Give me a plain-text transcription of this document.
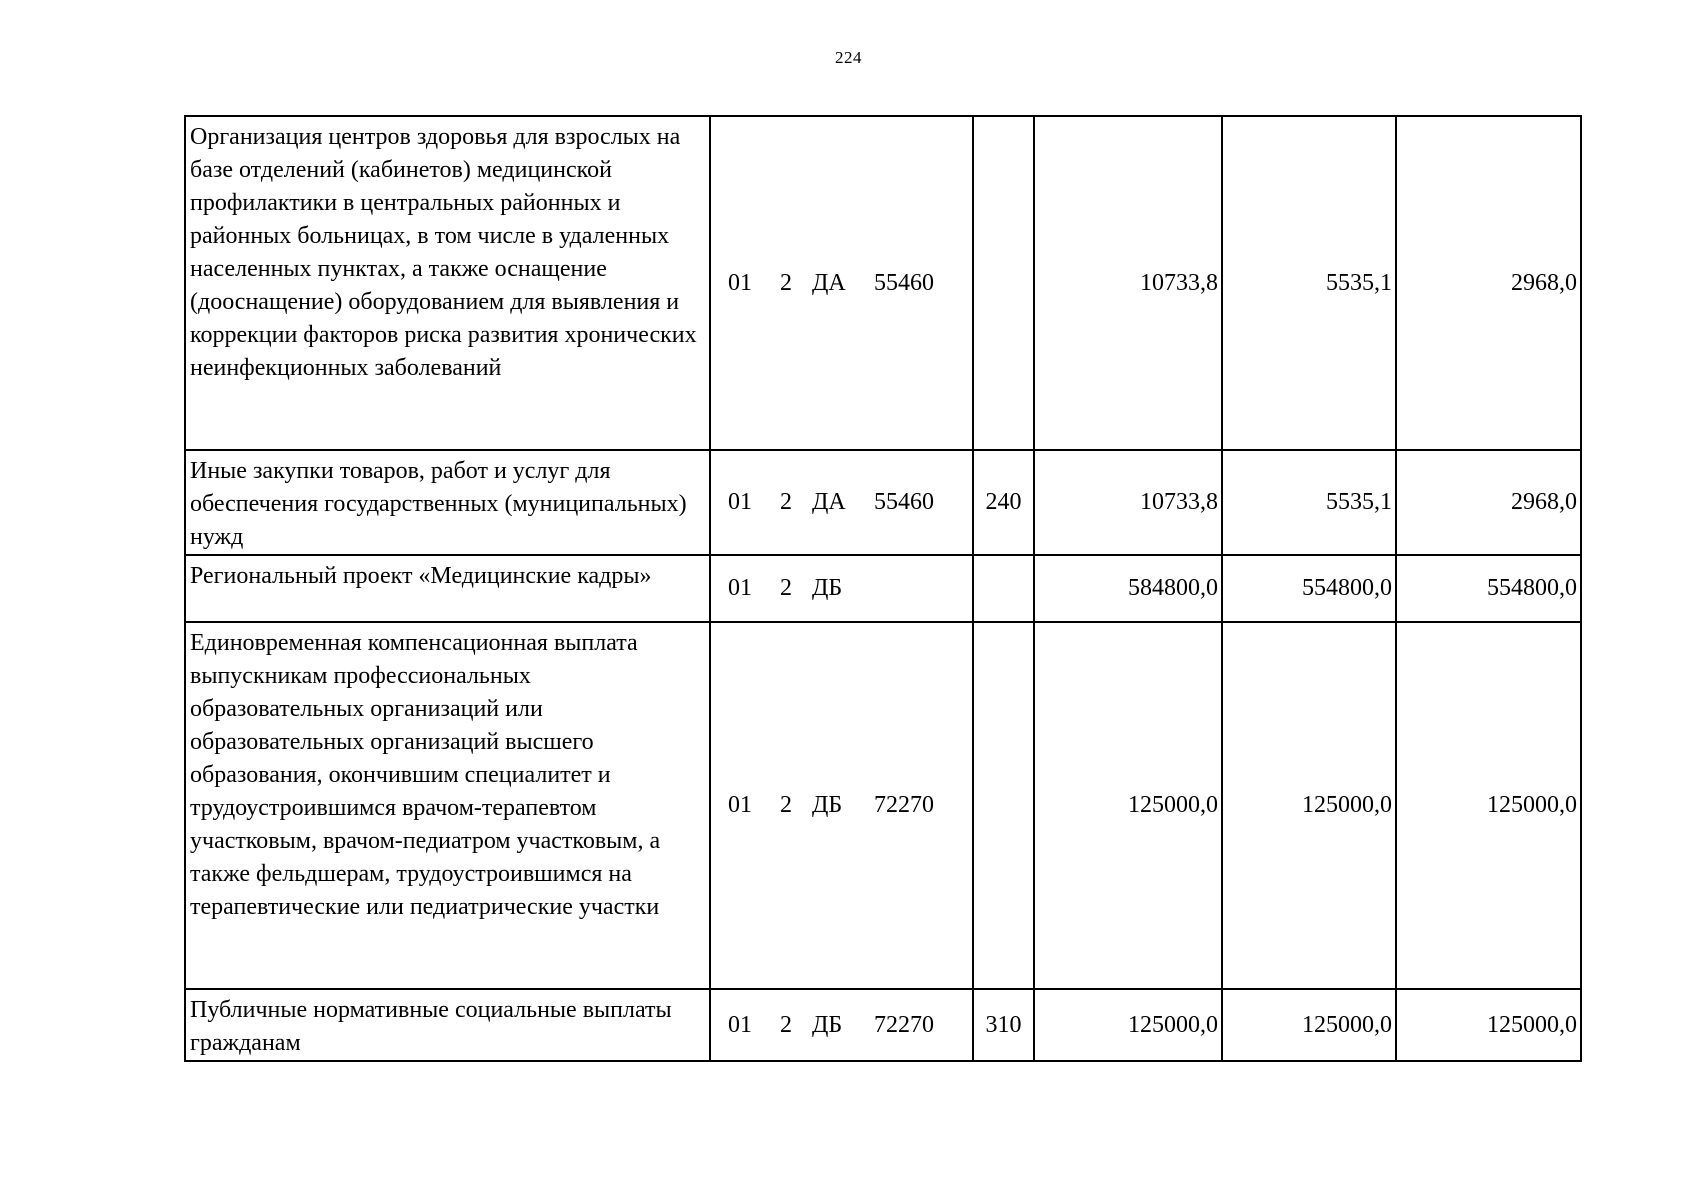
224
Организация центров здоровья для взрослых на базе отделений (кабинетов) медицинской профилактики в центральных районных и районных больницах, в том числе в удаленных населенных пунктах, а также оснащение (дооснащение) оборудованием для выявления и коррекции факторов риска развития хронических неинфекционных заболеваний	01 2 ДА 55460		10733,8	5535,1	2968,0
Иные закупки товаров, работ и услуг для обеспечения государственных (муниципальных) нужд	01 2 ДА 55460	240	10733,8	5535,1	2968,0
Региональный проект «Медицинские кадры»	01 2 ДБ		584800,0	554800,0	554800,0
Единовременная компенсационная выплата выпускникам профессиональных образовательных организаций или образовательных организаций высшего образования, окончившим специалитет и трудоустроившимся врачом-терапевтом участковым, врачом-педиатром участковым, а также фельдшерам, трудоустроившимся на терапевтические или педиатрические участки	01 2 ДБ 72270		125000,0	125000,0	125000,0
Публичные нормативные социальные выплаты гражданам	01 2 ДБ 72270	310	125000,0	125000,0	125000,0
